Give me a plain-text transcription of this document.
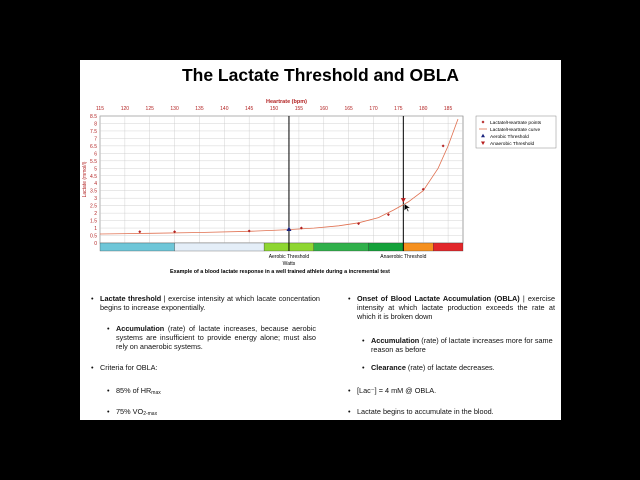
The Lactate Threshold and OBLA
0
0.5
1
1.5
2
2.5
3
3.5
4
4.5
5
5.5
6
6.5
7
7.5
8
8.5
115	120	125	130	135	140	145	150	155	160	165	170	175	180	185
Heartrate (bpm)
Lactate (mmol/l)
Aerobic Threshold	Anaerobic Threshold
Watts
Example of a blood lactate response in a well trained athlete during a incremental test
Lactate/Heartrate points
Lactate/Heartrate curve
Aerobic Threshold
Anaerobic Threshold

• Lactate threshold | exercise intensity at which lacate concentation begins to increase exponentially.

• Accumulation (rate) of lactate increases, because aerobic systems are insufficient to provide energy alone; must also rely on anaerobic systems.

• Criteria for OBLA:

• 85% of HRmax

• 75% VO2-max

• Onset of Blood Lactate Accumulation (OBLA) | exercise intensity at which lactate production exceeds the rate at which it is broken down

• Accumulation (rate) of lactate increases more for same reason as before

• Clearance (rate) of lactate decreases.

• [Lac⁻] = 4 mM @ OBLA.

• Lactate begins to accumulate in the blood.
